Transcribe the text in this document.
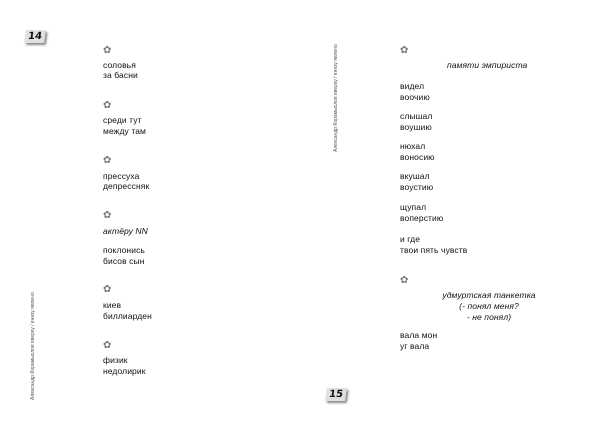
14
Александр Корамыслов вверху / внизу явлено
Александр Корамыслов вверху / внизу явлено
15
✿
соловья
за басни
✿
среди тут
между там
✿
прессуха
депрессняк
✿
актёру NN
поклонись
бисов сын
✿
киев
биллиарден
✿
физик
недолирик
✿
памяти эмпириста
видел
воочию
слышал
воушию
нюхал
воносию
вкушал
воустию
щупал
воперстию
и где
твои пять чувств
✿
удмуртская танкетка
(- понял меня?
- не понял)
вала мон
уг вала
